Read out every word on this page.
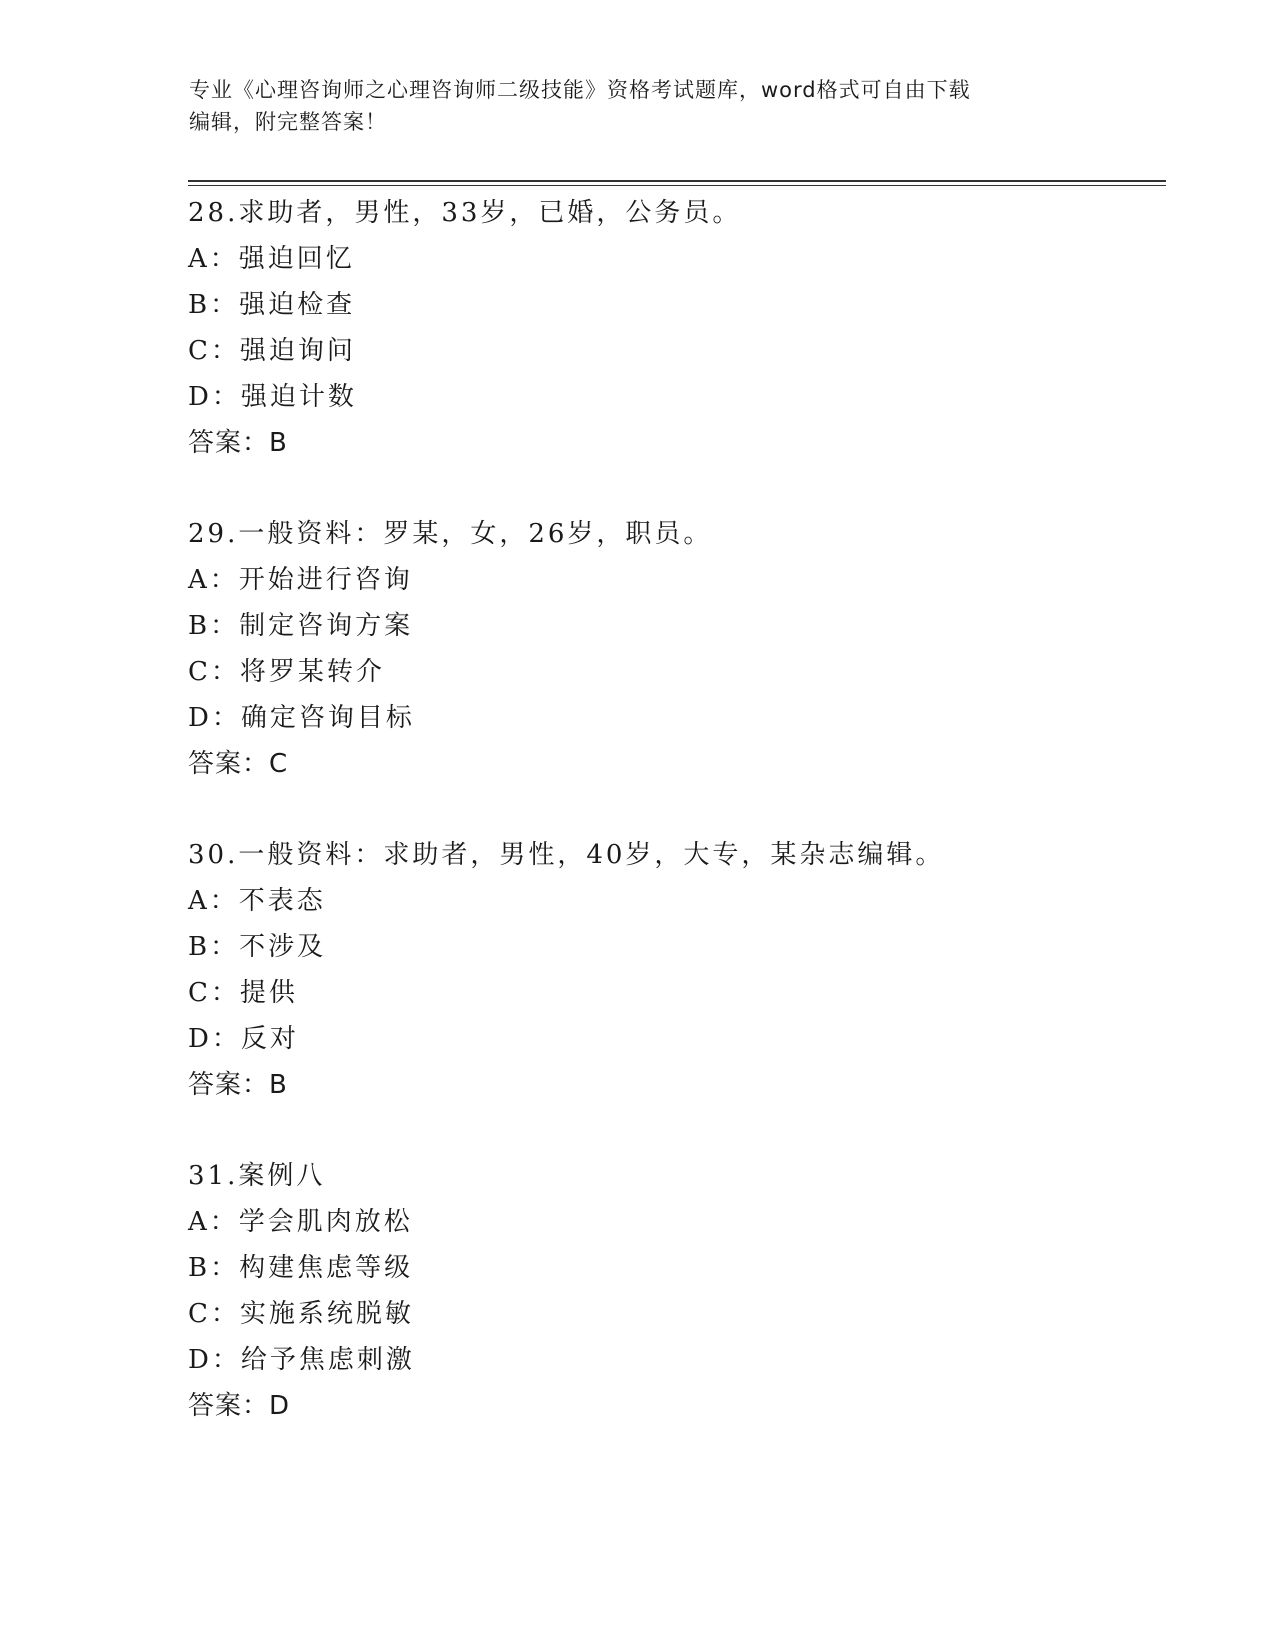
专业《心理咨询师之心理咨询师二级技能》资格考试题库，word格式可自由下载
编辑，附完整答案！
28.求助者，男性，33岁，已婚，公务员。
A：强迫回忆
B：强迫检查
C：强迫询问
D：强迫计数
答案：B
29.一般资料：罗某，女，26岁，职员。
A：开始进行咨询
B：制定咨询方案
C：将罗某转介
D：确定咨询目标
答案：C
30.一般资料：求助者，男性，40岁，大专，某杂志编辑。
A：不表态
B：不涉及
C：提供
D：反对
答案：B
31.案例八
A：学会肌肉放松
B：构建焦虑等级
C：实施系统脱敏
D：给予焦虑刺激
答案：D
